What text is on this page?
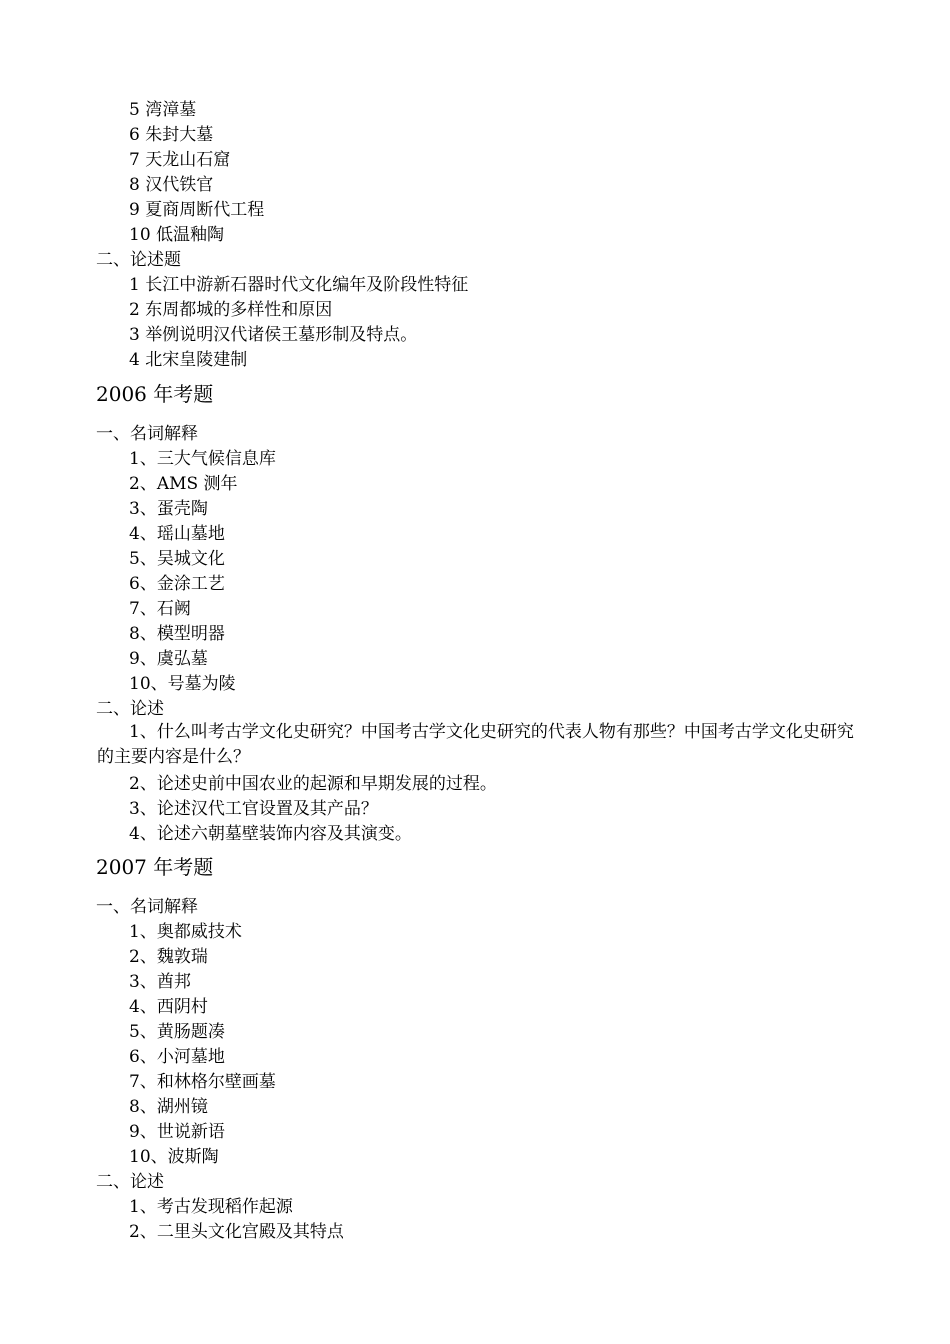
5 湾漳墓
6 朱封大墓
7 天龙山石窟
8 汉代铁官
9 夏商周断代工程
10 低温釉陶
二、论述题
1 长江中游新石器时代文化编年及阶段性特征
2 东周都城的多样性和原因
3 举例说明汉代诸侯王墓形制及特点。
4 北宋皇陵建制
2006 年考题
一、名词解释
1、三大气候信息库
2、AMS 测年
3、蛋壳陶
4、瑶山墓地
5、吴城文化
6、金涂工艺
7、石阙
8、模型明器
9、虞弘墓
10、号墓为陵
二、论述
1、什么叫考古学文化史研究？中国考古学文化史研究的代表人物有那些？中国考古学文化史研究的主要内容是什么？
2、论述史前中国农业的起源和早期发展的过程。
3、论述汉代工官设置及其产品？
4、论述六朝墓壁装饰内容及其演变。
2007 年考题
一、名词解释
1、奥都威技术
2、魏敦瑞
3、酋邦
4、西阴村
5、黄肠题凑
6、小河墓地
7、和林格尔壁画墓
8、湖州镜
9、世说新语
10、波斯陶
二、论述
1、考古发现稻作起源
2、二里头文化宫殿及其特点
